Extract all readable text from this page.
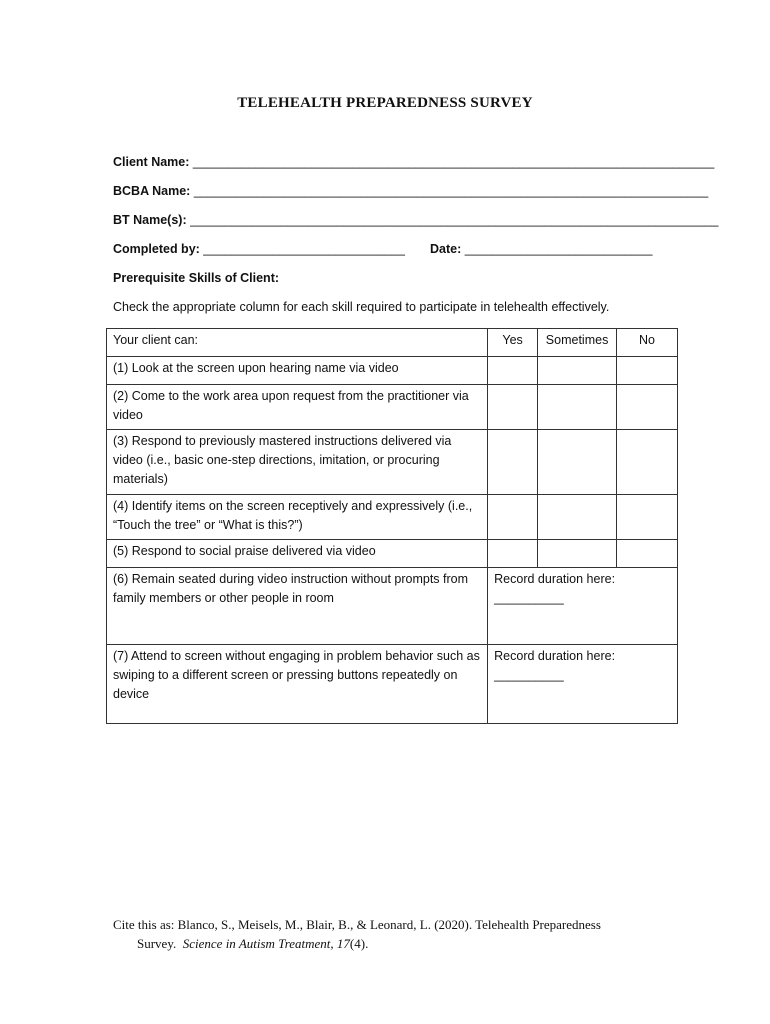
TELEHEALTH PREPAREDNESS SURVEY
Client Name: ___________________________________________________________________________
BCBA Name: __________________________________________________________________________
BT Name(s): ____________________________________________________________________________
Completed by: _____________________________ Date: ___________________________
Prerequisite Skills of Client:
Check the appropriate column for each skill required to participate in telehealth effectively.
Your client can:	Yes	Sometimes	No
(1) Look at the screen upon hearing name via video			
(2) Come to the work area upon request from the practitioner via video			
(3) Respond to previously mastered instructions delivered via video (i.e., basic one-step directions, imitation, or procuring materials)			
(4) Identify items on the screen receptively and expressively (i.e., “Touch the tree” or “What is this?”)			
(5) Respond to social praise delivered via video			
(6) Remain seated during video instruction without prompts from family members or other people in room	Record duration here:
__________		

(7) Attend to screen without engaging in problem behavior such as swiping to a different screen or pressing buttons repeatedly on device	Record duration here:
__________		
Cite this as: Blanco, S., Meisels, M., Blair, B., & Leonard, L. (2020). Telehealth Preparedness
Survey. Science in Autism Treatment, 17(4).
